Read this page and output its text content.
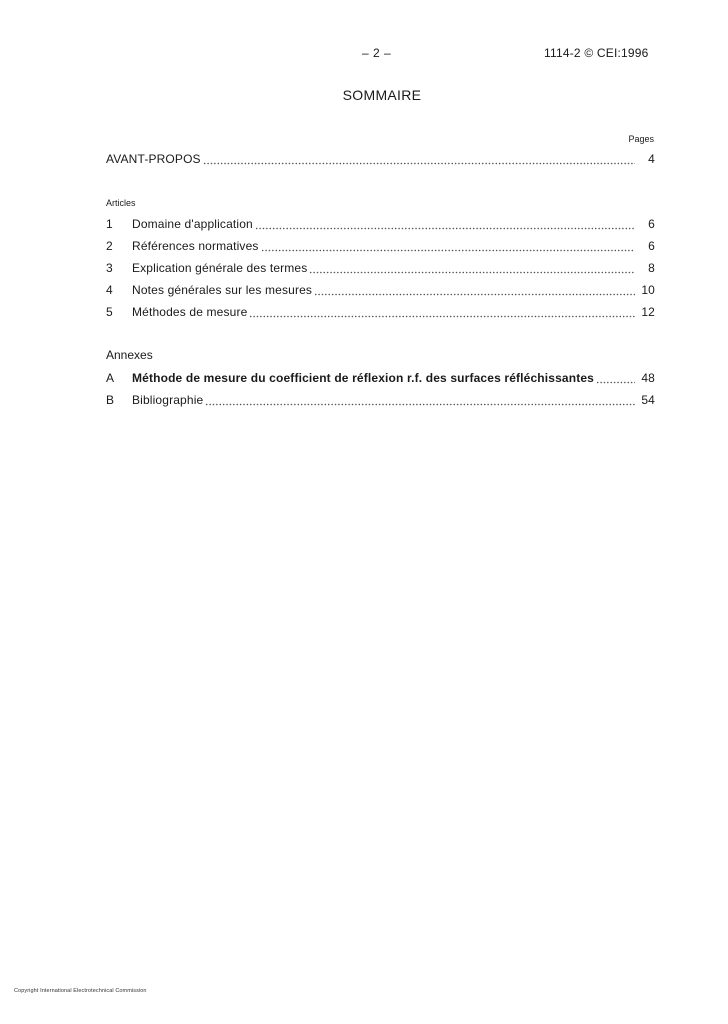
– 2 –	1114-2 © CEI:1996
SOMMAIRE
Pages
AVANT-PROPOS	4
Articles
1	Domaine d'application	6
2	Références normatives	6
3	Explication générale des termes	8
4	Notes générales sur les mesures	10
5	Méthodes de mesure	12
Annexes
A	Méthode de mesure du coefficient de réflexion r.f. des surfaces réfléchissantes	48
B	Bibliographie	54
Copyright International Electrotechnical Commission
